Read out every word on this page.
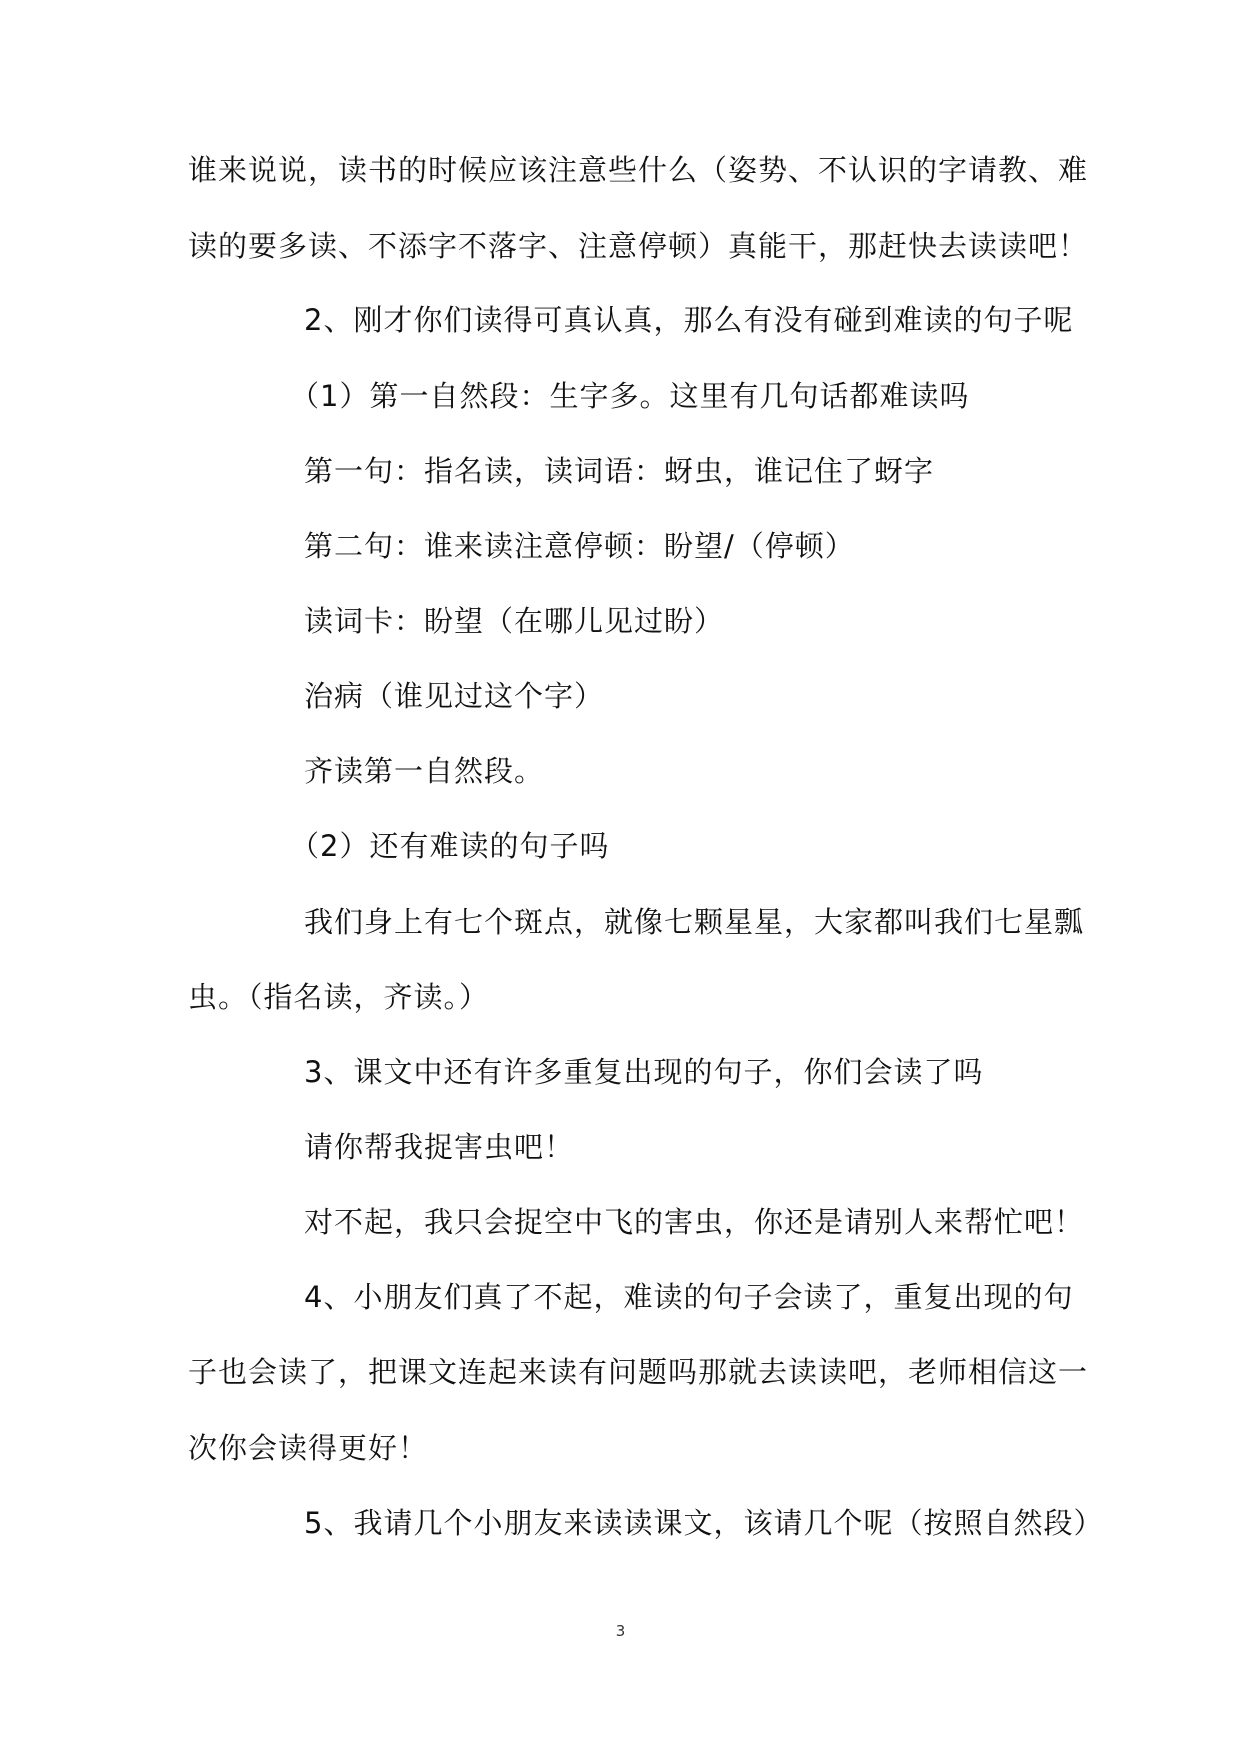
谁来说说，读书的时候应该注意些什么（姿势、不认识的字请教、难
读的要多读、不添字不落字、注意停顿）真能干，那赶快去读读吧！
2、刚才你们读得可真认真，那么有没有碰到难读的句子呢
（1）第一自然段：生字多。这里有几句话都难读吗
第一句：指名读，读词语：蚜虫，谁记住了蚜字
第二句：谁来读注意停顿：盼望/（停顿）
读词卡：盼望（在哪儿见过盼）
治病（谁见过这个字）
齐读第一自然段。
（2）还有难读的句子吗
我们身上有七个斑点，就像七颗星星，大家都叫我们七星瓢
虫。（指名读，齐读。）
3、课文中还有许多重复出现的句子，你们会读了吗
请你帮我捉害虫吧！
对不起，我只会捉空中飞的害虫，你还是请别人来帮忙吧！
4、小朋友们真了不起，难读的句子会读了，重复出现的句
子也会读了，把课文连起来读有问题吗那就去读读吧，老师相信这一
次你会读得更好！
5、我请几个小朋友来读读课文，该请几个呢（按照自然段）
3
